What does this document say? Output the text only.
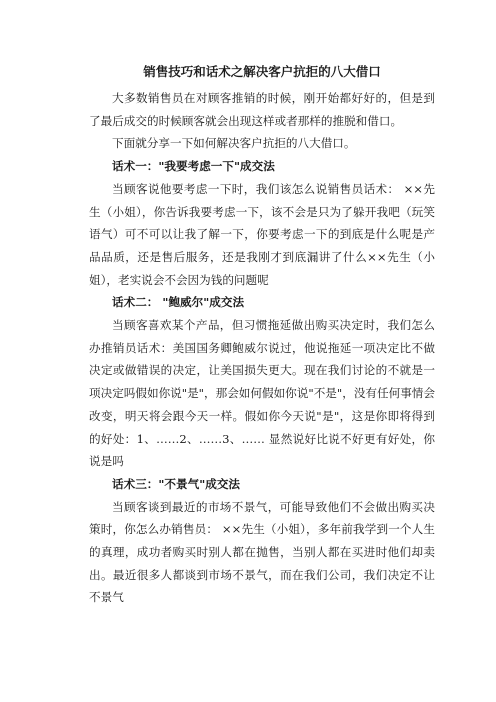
销售技巧和话术之解决客户抗拒的八大借口

大多数销售员在对顾客推销的时候，刚开始都好好的，但是到了最后成交的时候顾客就会出现这样或者那样的推脱和借口。

下面就分享一下如何解决客户抗拒的八大借口。

话术一："我要考虑一下"成交法

当顾客说他要考虑一下时，我们该怎么说销售员话术： ××先生（小姐），你告诉我要考虑一下，该不会是只为了躲开我吧（玩笑语气）可不可以让我了解一下，你要考虑一下的到底是什么呢是产品品质，还是售后服务，还是我刚才到底漏讲了什么××先生（小姐），老实说会不会因为钱的问题呢

话术二： "鲍威尔"成交法

当顾客喜欢某个产品，但习惯拖延做出购买决定时，我们怎么办推销员话术：美国国务卿鲍威尔说过，他说拖延一项决定比不做决定或做错误的决定，让美国损失更大。现在我们讨论的不就是一项决定吗假如你说"是"，那会如何假如你说"不是"，没有任何事情会改变，明天将会跟今天一样。假如你今天说"是"，这是你即将得到的好处：1、……2、……3、…… 显然说好比说不好更有好处，你说是吗

话术三："不景气"成交法

当顾客谈到最近的市场不景气，可能导致他们不会做出购买决策时，你怎么办销售员： ××先生（小姐），多年前我学到一个人生的真理，成功者购买时别人都在抛售，当别人都在买进时他们却卖出。最近很多人都谈到市场不景气，而在我们公司，我们决定不让不景气
